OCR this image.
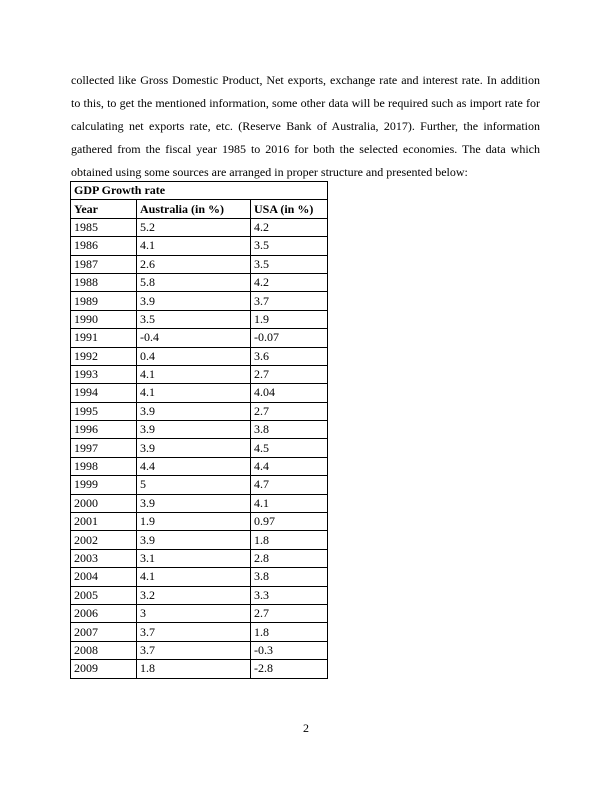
collected like Gross Domestic Product, Net exports, exchange rate and interest rate. In addition
to this, to get the mentioned information, some other data will be required such as import rate for
calculating net exports rate, etc. (Reserve Bank of Australia, 2017). Further, the information
gathered from the fiscal year 1985 to 2016 for both the selected economies. The data which
obtained using some sources are arranged in proper structure and presented below:

GDP Growth rate		
Year	Australia (in %)	USA (in %)
1985	5.2	4.2
1986	4.1	3.5
1987	2.6	3.5
1988	5.8	4.2
1989	3.9	3.7
1990	3.5	1.9
1991	-0.4	-0.07
1992	0.4	3.6
1993	4.1	2.7
1994	4.1	4.04
1995	3.9	2.7
1996	3.9	3.8
1997	3.9	4.5
1998	4.4	4.4
1999	5	4.7
2000	3.9	4.1
2001	1.9	0.97
2002	3.9	1.8
2003	3.1	2.8
2004	4.1	3.8
2005	3.2	3.3
2006	3	2.7
2007	3.7	1.8
2008	3.7	-0.3
2009	1.8	-2.8
2
